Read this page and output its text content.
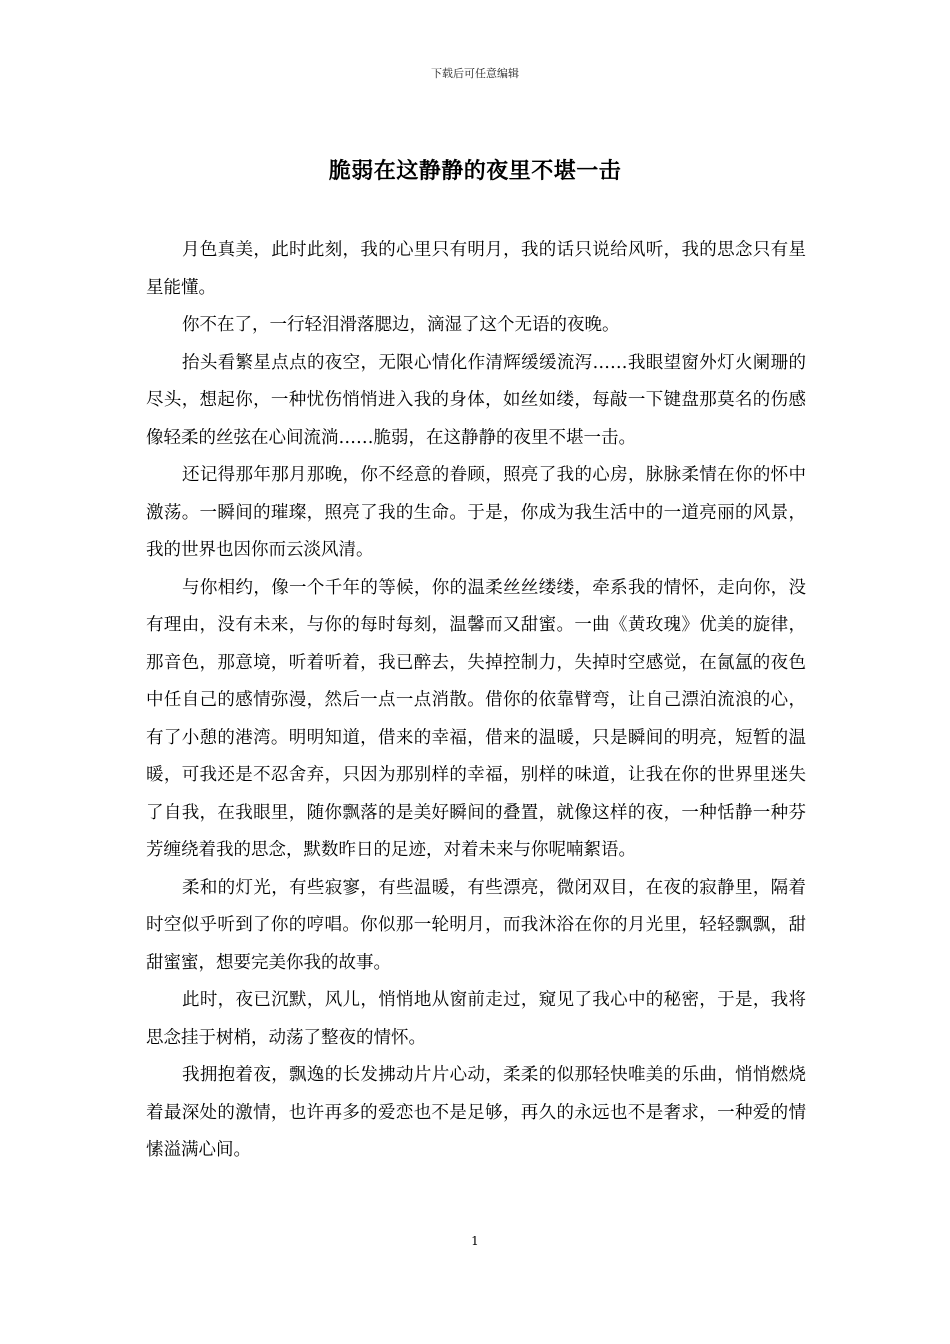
下载后可任意编辑
脆弱在这静静的夜里不堪一击

月色真美，此时此刻，我的心里只有明月，我的话只说给风听，我的思念只有星星能懂。

你不在了，一行轻泪滑落腮边，滴湿了这个无语的夜晚。

抬头看繁星点点的夜空，无限心情化作清辉缓缓流泻……我眼望窗外灯火阑珊的尽头，想起你，一种忧伤悄悄进入我的身体，如丝如缕，每敲一下键盘那莫名的伤感像轻柔的丝弦在心间流淌……脆弱，在这静静的夜里不堪一击。

还记得那年那月那晚，你不经意的眷顾，照亮了我的心房，脉脉柔情在你的怀中激荡。一瞬间的璀璨，照亮了我的生命。于是，你成为我生活中的一道亮丽的风景，我的世界也因你而云淡风清。

与你相约，像一个千年的等候，你的温柔丝丝缕缕，牵系我的情怀，走向你，没有理由，没有未来，与你的每时每刻，温馨而又甜蜜。一曲《黄玫瑰》优美的旋律，那音色，那意境，听着听着，我已醉去，失掉控制力，失掉时空感觉，在氤氲的夜色中任自己的感情弥漫，然后一点一点消散。借你的依靠臂弯，让自己漂泊流浪的心，有了小憩的港湾。明明知道，借来的幸福，借来的温暖，只是瞬间的明亮，短暂的温暖，可我还是不忍舍弃，只因为那别样的幸福，别样的味道，让我在你的世界里迷失了自我，在我眼里，随你飘落的是美好瞬间的叠置，就像这样的夜，一种恬静一种芬芳缠绕着我的思念，默数昨日的足迹，对着未来与你呢喃絮语。

柔和的灯光，有些寂寥，有些温暖，有些漂亮，微闭双目，在夜的寂静里，隔着时空似乎听到了你的哼唱。你似那一轮明月，而我沐浴在你的月光里，轻轻飘飘，甜甜蜜蜜，想要完美你我的故事。

此时，夜已沉默，风儿，悄悄地从窗前走过，窥见了我心中的秘密，于是，我将思念挂于树梢，动荡了整夜的情怀。

我拥抱着夜，飘逸的长发拂动片片心动，柔柔的似那轻快唯美的乐曲，悄悄燃烧着最深处的激情，也许再多的爱恋也不是足够，再久的永远也不是奢求，一种爱的情愫溢满心间。

1
